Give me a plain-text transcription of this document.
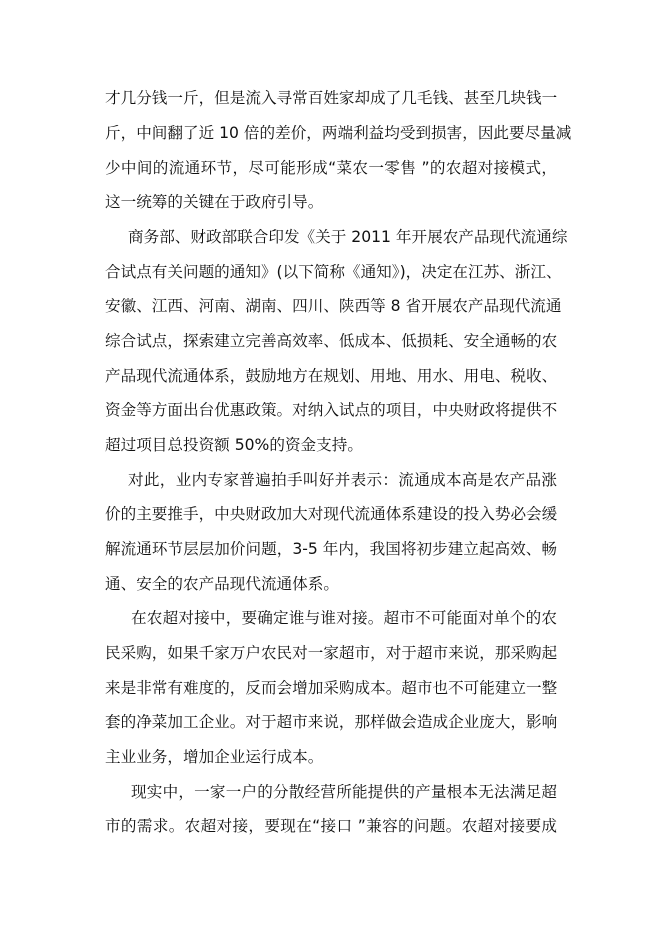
才几分钱一斤，但是流入寻常百姓家却成了几毛钱、甚至几块钱一
斤，中间翻了近 10 倍的差价，两端利益均受到损害，因此要尽量减
少中间的流通环节，尽可能形成“菜农一零售 ”的农超对接模式，
这一统筹的关键在于政府引导。
商务部、财政部联合印发《关于 2011 年开展农产品现代流通综
合试点有关问题的通知》(以下简称《通知》)，决定在江苏、浙江、
安徽、江西、河南、湖南、四川、陕西等 8 省开展农产品现代流通
综合试点，探索建立完善高效率、低成本、低损耗、安全通畅的农
产品现代流通体系，鼓励地方在规划、用地、用水、用电、税收、
资金等方面出台优惠政策。对纳入试点的项目，中央财政将提供不
超过项目总投资额 50%的资金支持。
对此，业内专家普遍拍手叫好并表示：流通成本高是农产品涨
价的主要推手，中央财政加大对现代流通体系建设的投入势必会缓
解流通环节层层加价问题，3-5 年内，我国将初步建立起高效、畅
通、安全的农产品现代流通体系。
在农超对接中，要确定谁与谁对接。超市不可能面对单个的农
民采购，如果千家万户农民对一家超市，对于超市来说，那采购起
来是非常有难度的，反而会增加采购成本。超市也不可能建立一整
套的净菜加工企业。对于超市来说，那样做会造成企业庞大，影响
主业业务，增加企业运行成本。
现实中，一家一户的分散经营所能提供的产量根本无法满足超
市的需求。农超对接，要现在“接口 ”兼容的问题。农超对接要成
